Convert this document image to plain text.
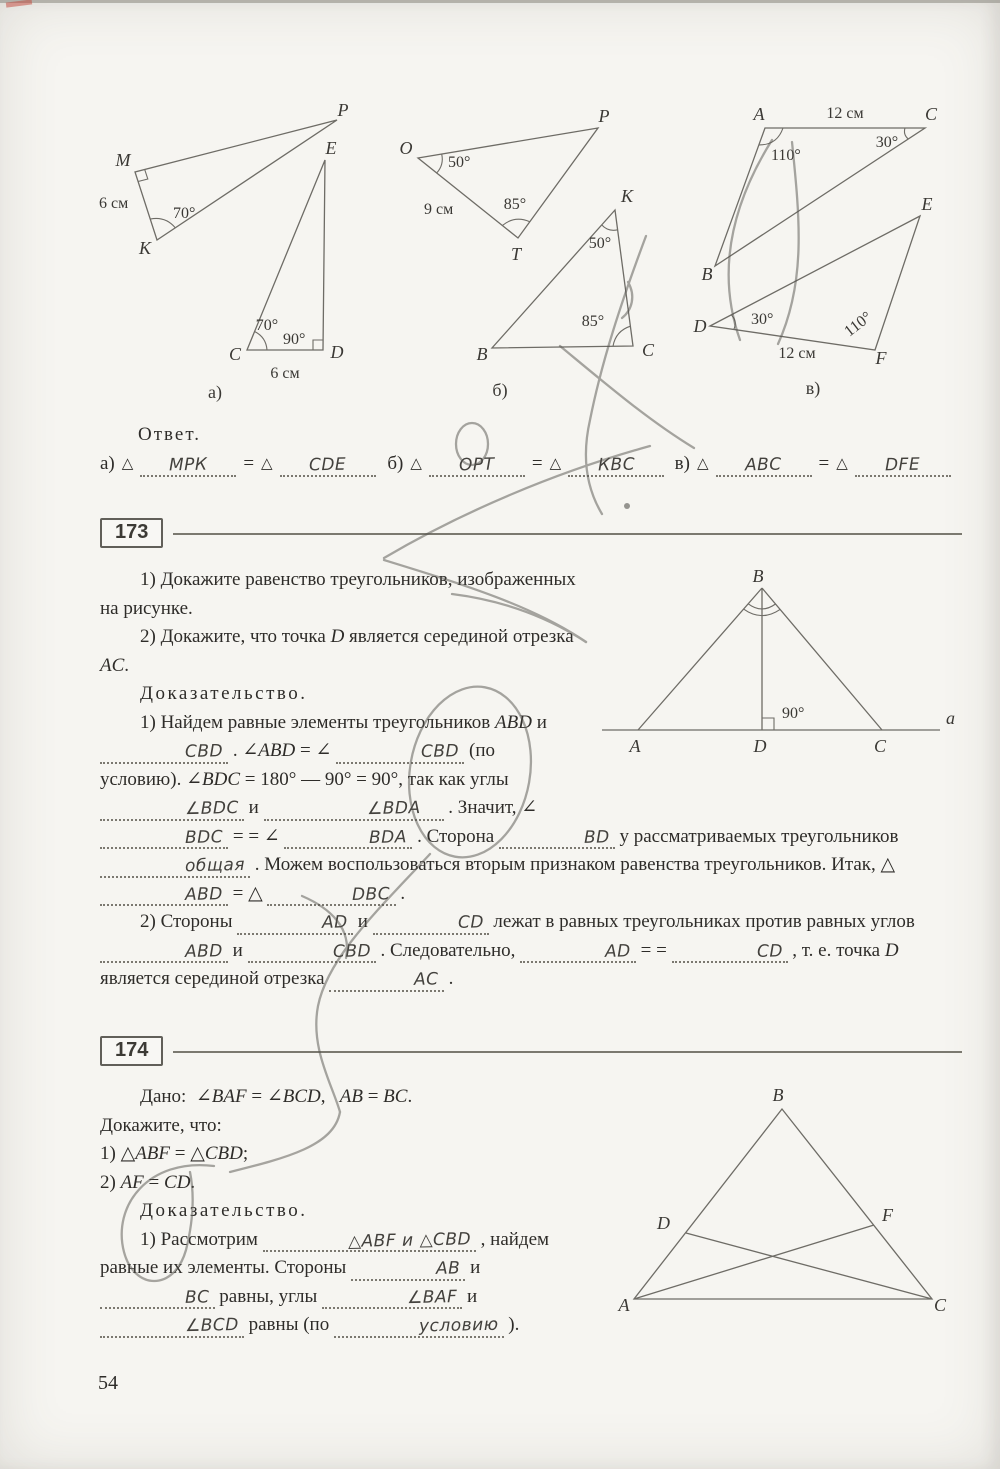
P
M
K
6 см
70°
E
C	D
70°
90°
6 см
а)
O
P
T
50°
9 см	85°	K
B	C
50°
85°
б)
A	C
12 см
110°
30°
B
D
E
F
30°
12 см
110°
в)
Ответ.
а) △	МРК	= △	CDE	б) △	ОРТ	= △	КВС	в) △	АВС	= △	DFE
173
90°
B
a
A	D	C

1) Докажите равенство треугольников, изображенных на рисунке.

2) Докажите, что точка D является серединой отрезка AC.

Доказательство.

1) Найдем равные элементы треугольников ABD и CBD . ∠ABD = ∠	CBD (по условию). ∠BDC = 180° — 90° = 90°, так как углы ∠BDC и	∠BDA . Значит, ∠ BDC = = ∠	BDA . Сторона	BD у рассматриваемых треугольников общая . Можем воспользоваться вторым признаком равенства треугольников. Итак, △ ABD = △	DBC .

2) Стороны	AD и	CD лежат в равных треугольниках против равных углов ABD и	CBD . Следовательно,	AD = =	CD , т. е. точка D является серединой отрезка	AC .

174
B
A	C
D	F

Дано:  ∠BAF = ∠BCD,   AB = BC.

Докажите, что:

1) △ABF = △CBD;

2) AF = CD.

Доказательство.

1) Рассмотрим	△ABF и △CBD , найдем равные их элементы. Стороны	AB и BC равны, углы	∠BAF и ∠BCD равны (по	условию ).

54
